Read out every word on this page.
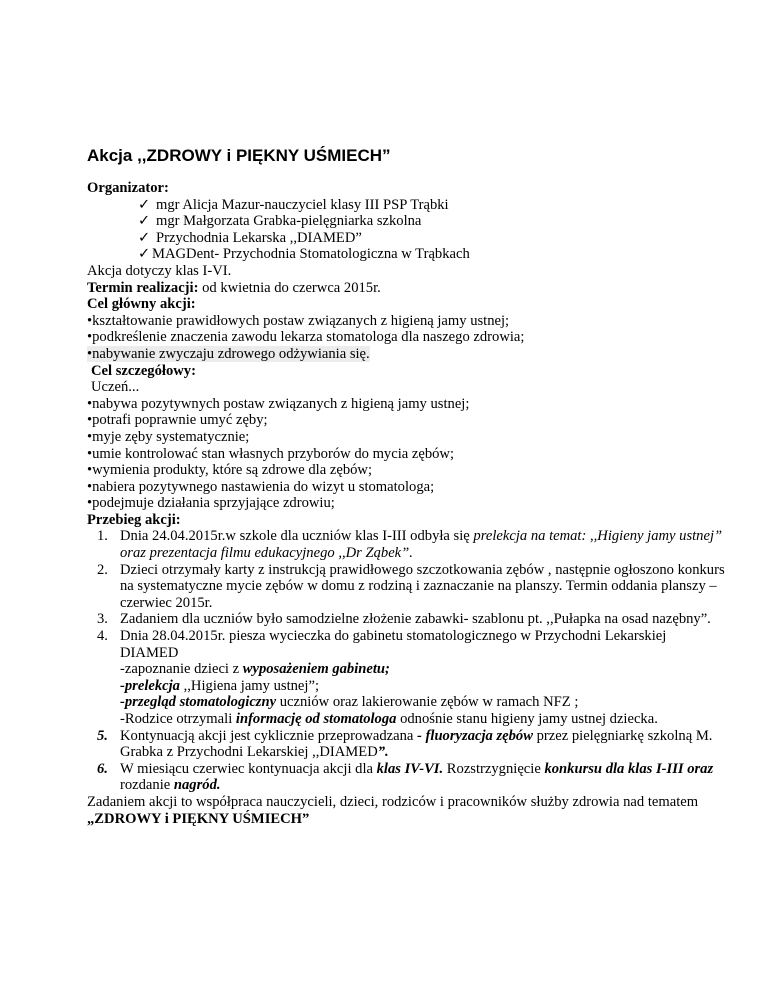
Akcja ,,ZDROWY i PIĘKNY UŚMIECH”
Organizator:
✓ mgr Alicja Mazur-nauczyciel klasy III PSP Trąbki
✓ mgr Małgorzata Grabka-pielęgniarka szkolna
✓ Przychodnia Lekarska ,,DIAMED”
✓ MAGDent- Przychodnia Stomatologiczna w Trąbkach
Akcja dotyczy klas I-VI.
Termin realizacji: od kwietnia do czerwca 2015r.
Cel główny akcji:
•kształtowanie prawidłowych postaw związanych z higieną jamy ustnej;
•podkreślenie znaczenia zawodu lekarza stomatologa dla naszego zdrowia;
•nabywanie zwyczaju zdrowego odżywiania się.
Cel szczegółowy:
Uczeń...
•nabywa pozytywnych postaw związanych z higieną jamy ustnej;
•potrafi poprawnie umyć zęby;
•myje zęby systematycznie;
•umie kontrolować stan własnych przyborów do mycia zębów;
•wymienia produkty, które są zdrowe dla zębów;
•nabiera pozytywnego nastawienia do wizyt u stomatologa;
•podejmuje działania sprzyjające zdrowiu;
Przebieg akcji:
1. Dnia 24.04.2015r.w szkole dla uczniów klas I-III odbyła się prelekcja na temat: ,,Higieny jamy ustnej” oraz prezentacja filmu edukacyjnego ,,Dr Ząbek”.
2. Dzieci otrzymały karty z instrukcją prawidłowego szczotkowania zębów , następnie ogłoszono konkurs na systematyczne mycie zębów w domu z rodziną i zaznaczanie na planszy. Termin oddania planszy –czerwiec 2015r.
3. Zadaniem dla uczniów było samodzielne złożenie zabawki- szablonu pt. ,,Pułapka na osad nazębny”.
4. Dnia 28.04.2015r. piesza wycieczka do gabinetu stomatologicznego w Przychodni Lekarskiej DIAMED
-zapoznanie dzieci z wyposażeniem gabinetu;
-prelekcja ,,Higiena jamy ustnej”;
-przegląd stomatologiczny uczniów oraz lakierowanie zębów w ramach NFZ ;
-Rodzice otrzymali informację od stomatologa odnośnie stanu higieny jamy ustnej dziecka.
5. Kontynuacją akcji jest cyklicznie przeprowadzana - fluoryzacja zębów przez pielęgniarkę szkolną M. Grabka z Przychodni Lekarskiej ,,DIAMED”.
6. W miesiącu czerwiec kontynuacja akcji dla klas IV-VI. Rozstrzygnięcie konkursu dla klas I-III oraz rozdanie nagród.
Zadaniem akcji to współpraca nauczycieli, dzieci, rodziców i pracowników służby zdrowia nad tematem „ZDROWY i PIĘKNY UŚMIECH”
